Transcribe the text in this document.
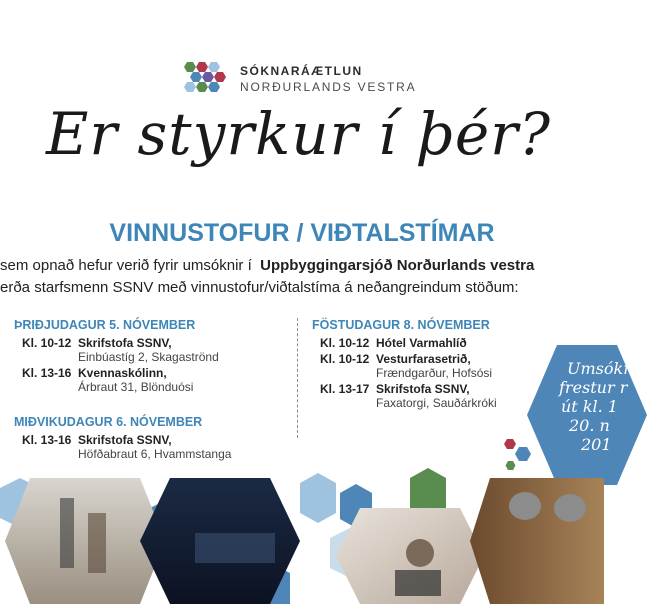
SÓKNARÁÆTLUN
NORÐURLANDS VESTRA
Er styrkur í þér?
VINNUSTOFUR / VIÐTALSTÍMAR
sem opnað hefur verið fyrir umsóknir í Uppbyggingarsjóð Norðurlands vestra
erða starfsmenn SSNV með vinnustofur/viðtalstíma á neðangreindum stöðum:
ÞRIÐJUDAGUR 5. NÓVEMBER
Kl. 10-12 Skrifstofa SSNV,
Einbúastíg 2, Skagaströnd
Kl. 13-16 Kvennaskólinn,
Árbraut 31, Blönduósi
MIÐVIKUDAGUR 6. NÓVEMBER
Kl. 13-16 Skrifstofa SSNV,
Höfðabraut 6, Hvammstanga
FÖSTUDAGUR 8. NÓVEMBER
Kl. 10-12 Hótel Varmahlíð
Kl. 10-12 Vesturfarasetrið,
Frændgarður, Hofsósi
Kl. 13-17 Skrifstofa SSNV,
Faxatorgi, Sauðárkróki
Umsókn
frestur r
út kl. 1
20. n
201
